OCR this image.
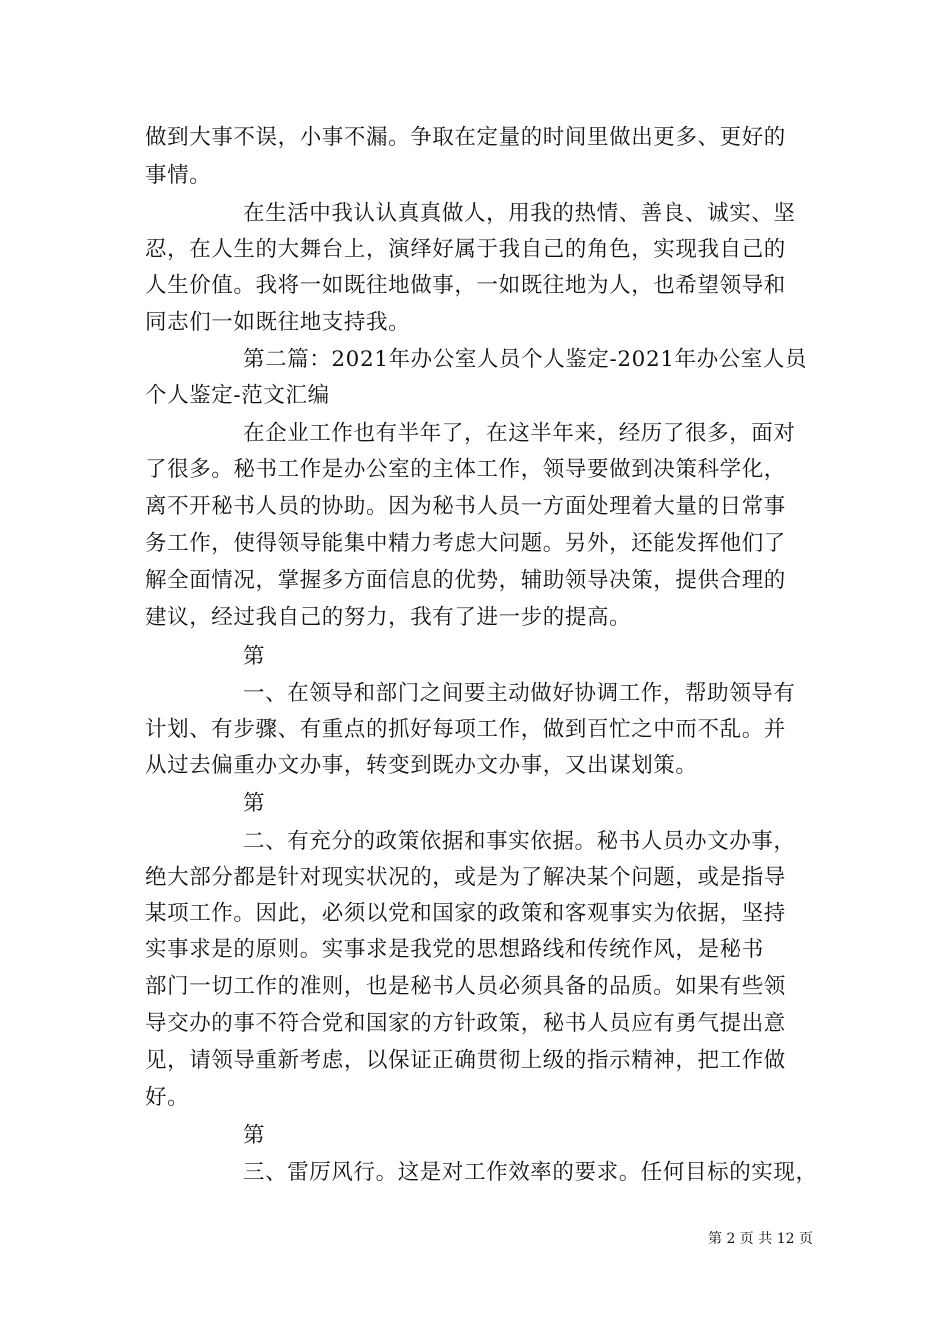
做到大事不误，小事不漏。争取在定量的时间里做出更多、更好的
事情。
在生活中我认认真真做人，用我的热情、善良、诚实、坚
忍，在人生的大舞台上，演绎好属于我自己的角色，实现我自己的
人生价值。我将一如既往地做事，一如既往地为人，也希望领导和
同志们一如既往地支持我。
第二篇：2021年办公室人员个人鉴定-2021年办公室人员
个人鉴定-范文汇编
在企业工作也有半年了，在这半年来，经历了很多，面对
了很多。秘书工作是办公室的主体工作，领导要做到决策科学化，
离不开秘书人员的协助。因为秘书人员一方面处理着大量的日常事
务工作，使得领导能集中精力考虑大问题。另外，还能发挥他们了
解全面情况，掌握多方面信息的优势，辅助领导决策，提供合理的
建议，经过我自己的努力，我有了进一步的提高。
第
一、在领导和部门之间要主动做好协调工作，帮助领导有
计划、有步骤、有重点的抓好每项工作，做到百忙之中而不乱。并
从过去偏重办文办事，转变到既办文办事，又出谋划策。
第
二、有充分的政策依据和事实依据。秘书人员办文办事，
绝大部分都是针对现实状况的，或是为了解决某个问题，或是指导
某项工作。因此，必须以党和国家的政策和客观事实为依据，坚持
实事求是的原则。实事求是我党的思想路线和传统作风，是秘书
部门一切工作的准则，也是秘书人员必须具备的品质。如果有些领
导交办的事不符合党和国家的方针政策，秘书人员应有勇气提出意
见，请领导重新考虑，以保证正确贯彻上级的指示精神，把工作做
好。
第
三、雷厉风行。这是对工作效率的要求。任何目标的实现，
第 2 页 共 12 页
